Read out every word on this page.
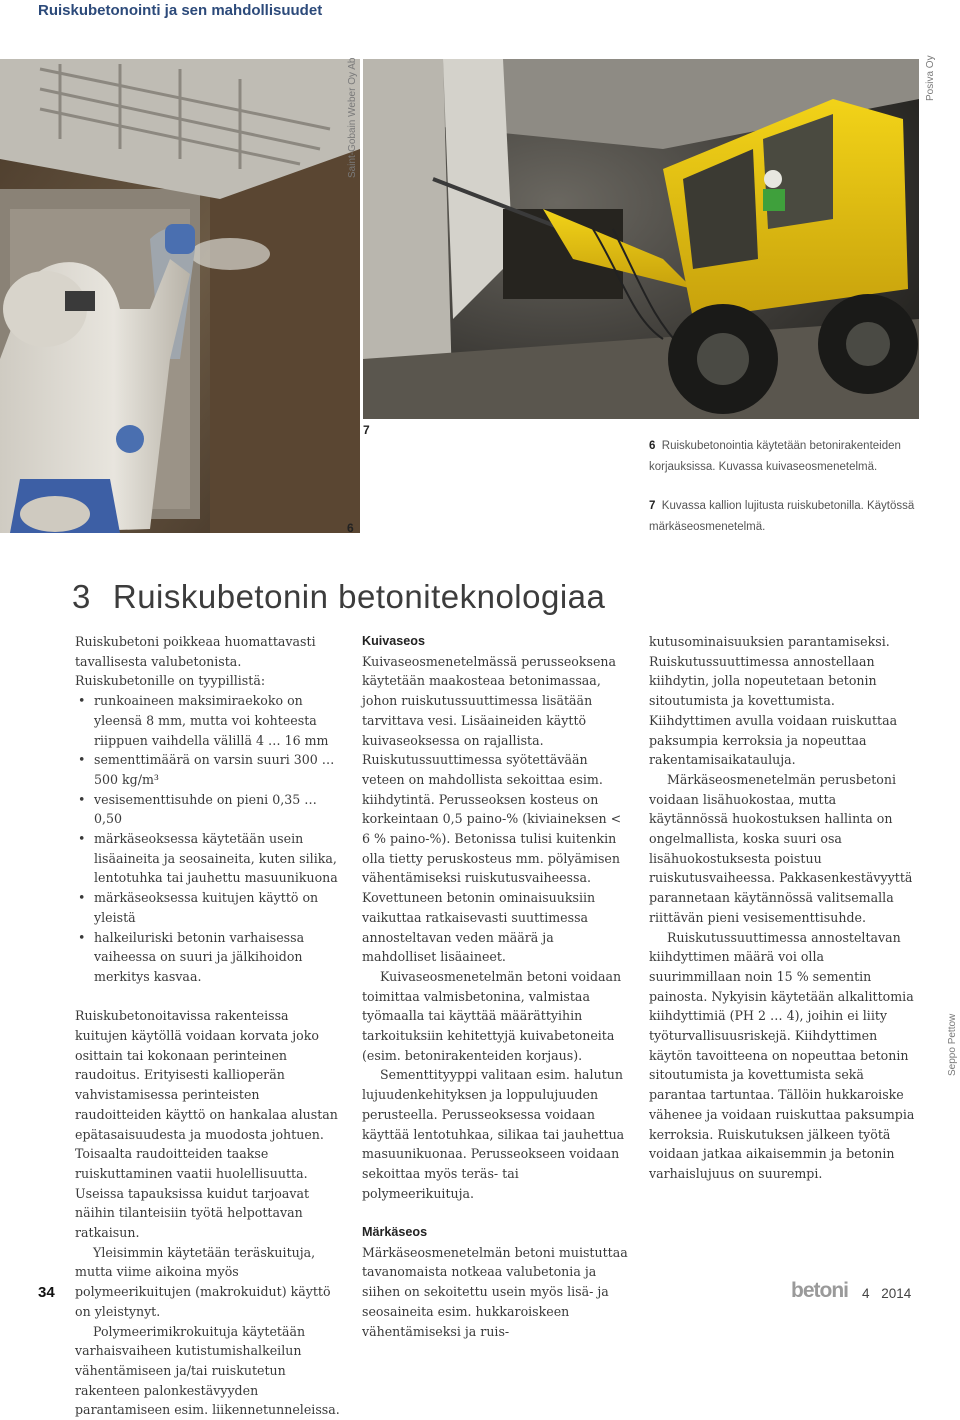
Ruiskubetonointi ja sen mahdollisuudet
Saint-Gobain Weber Oy Ab	Posiva Oy
7
6
6 Ruiskubetonointia käytetään betonirakenteiden korjauksissa. Kuvassa kuivaseosmenetelmä.
7 Kuvassa kallion lujitusta ruiskubetonilla. Käytössä märkäseosmenetelmä.
3 Ruiskubetonin betoniteknologiaa

Ruiskubetoni poikkeaa huomattavasti tavallisesta valubetonista. Ruiskubetonille on tyypillistä:

• runkoaineen maksimiraekoko on yleensä 8 mm, mutta voi kohteesta riippuen vaihdella välillä 4 … 16 mm
• sementtimäärä on varsin suuri 300 … 500 kg/m³
• vesisementtisuhde on pieni 0,35 … 0,50
• märkäseoksessa käytetään usein lisäaineita ja seosaineita, kuten silika, lentotuhka tai jauhettu masuunikuona
• märkäseoksessa kuitujen käyttö on yleistä
• halkeiluriski betonin varhaisessa vaiheessa on suuri ja jälkihoidon merkitys kasvaa.

Ruiskubetonoitavissa rakenteissa kuitujen käytöllä voidaan korvata joko osittain tai kokonaan perinteinen raudoitus. Erityisesti kallioperän vahvistamisessa perinteisten raudoitteiden käyttö on hankalaa alustan epätasaisuudesta ja muodosta johtuen. Toisaalta raudoitteiden taakse ruiskuttaminen vaatii huolellisuutta. Useissa tapauksissa kuidut tarjoavat näihin tilanteisiin työtä helpottavan ratkaisun.

Yleisimmin käytetään teräskuituja, mutta viime aikoina myös polymeerikuitujen (makrokuidut) käyttö on yleistynyt.

Polymeerimikrokuituja käytetään varhaisvaiheen kutistumishalkeilun vähentämiseen ja/tai ruiskutetun rakenteen palonkestävyyden parantamiseen esim. liikennetunneleissa.

Kuivaseos

Kuivaseosmenetelmässä perusseoksena käytetään maakosteaa betonimassaa, johon ruiskutussuuttimessa lisätään tarvittava vesi. Lisäaineiden käyttö kuivaseoksessa on rajallista. Ruiskutussuuttimessa syötettävään veteen on mahdollista sekoittaa esim. kiihdytintä. Perusseoksen kosteus on korkeintaan 0,5 paino-% (kiviaineksen < 6 % paino-%). Betonissa tulisi kuitenkin olla tietty peruskosteus mm. pölyämisen vähentämiseksi ruiskutusvaiheessa. Kovettuneen betonin ominaisuuksiin vaikuttaa ratkaisevasti suuttimessa annosteltavan veden määrä ja mahdolliset lisäaineet.

Kuivaseosmenetelmän betoni voidaan toimittaa valmisbetonina, valmistaa työmaalla tai käyttää määrättyihin tarkoituksiin kehitettyjä kuivabetoneita (esim. betonirakenteiden korjaus).

Sementtityyppi valitaan esim. halutun lujuudenkehityksen ja loppulujuuden perusteella. Perusseoksessa voidaan käyttää lentotuhkaa, silikaa tai jauhettua masuunikuonaa. Perusseokseen voidaan sekoittaa myös teräs- tai polymeerikuituja.

Märkäseos

Märkäseosmenetelmän betoni muistuttaa tavanomaista notkeaa valubetonia ja siihen on sekoitettu usein myös lisä- ja seosaineita esim. hukkaroiskeen vähentämiseksi ja ruis-

kutusominaisuuksien parantamiseksi. Ruiskutussuuttimessa annostellaan kiihdytin, jolla nopeutetaan betonin sitoutumista ja kovettumista. Kiihdyttimen avulla voidaan ruiskuttaa paksumpia kerroksia ja nopeuttaa rakentamisaikatauluja.

Märkäseosmenetelmän perusbetoni voidaan lisähuokostaa, mutta käytännössä huokostuksen hallinta on ongelmallista, koska suuri osa lisähuokostuksesta poistuu ruiskutusvaiheessa. Pakkasenkestävyyttä parannetaan käytännössä valitsemalla riittävän pieni vesisementtisuhde.

Ruiskutussuuttimessa annosteltavan kiihdyttimen määrä voi olla suurimmillaan noin 15 % sementin painosta. Nykyisin käytetään alkalittomia kiihdyttimiä (PH 2 … 4), joihin ei liity työturvallisuusriskejä. Kiihdyttimen käytön tavoitteena on nopeuttaa betonin sitoutumista ja kovettumista sekä parantaa tartuntaa. Tällöin hukkaroiske vähenee ja voidaan ruiskuttaa paksumpia kerroksia. Ruiskutuksen jälkeen työtä voidaan jatkaa aikaisemmin ja betonin varhaislujuus on suurempi.

Seppo Pettow
34	betoni 4 2014
